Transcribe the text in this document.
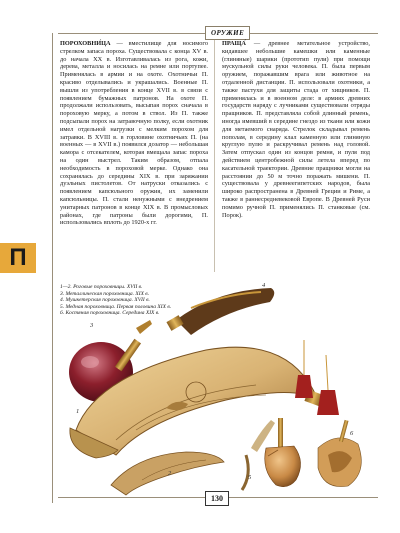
ОРУЖИЕ
П

ПОРОХОВНИ́ЦА — вместилище для носимого стрелком запаса пороха. Существовала с конца XV в. до начала XX в. Изготавливалась из рога, кожи, дерева, металла и носилась на ремне или портупее. Применялась в армии и на охоте. Охотничьи П. красиво отделывались и украшались. Военные П. вышли из употребления в конце XVII в. в связи с появлением бумажных патронов. На охоте П. продолжали использовать, высыпая порох сначала в пороховую мерку, а потом в ствол. Из П. также подсыпали порох на затравочную полку, если охотник имел отдельной нагрузки с мелким порохом для затравки. В XVIII в. в горловине охотничьих П. (на военных — в XVII в.) появился дозатор — небольшая камора с отсекателем, которая вмещала запас пороха на один выстрел. Таким образом, отпала необходимость в пороховой мерке. Однако она сохранялась до середины XIX в. при заряжании дуэльных пистолетов. От натруски отказались с появлением капсюльного оружия, их заменили капсюльницы. П. стали ненужными с внедрением унитарных патронов в конце XIX в. В промысловых районах, где патроны были дорогими, П. использовались вплоть до 1920-х гг.

ПРАЩА́ — древнее метательное устройство, кидавшее небольшие камешки или каменные (глиняные) шарики (прототип пули) при помощи мускульной силы руки человека. П. была первым оружием, поражавшим врага или животное на отдаленной дистанции. П. использовали охотники, а также пастухи для защиты стада от хищников. П. применялась и в военном деле: в армиях древних государств наряду с лучниками существовали отряды пращников. П. представляла собой длинный ремень, иногда имевший в середине гнездо из ткани или кожи для метаемого снаряда. Стрелок складывал ремень пополам, в середину клал каменную или глиняную круглую пулю и раскручивал ремень над головой. Затем отпускал один из концов ремня, и пуля под действием центробежной силы летела вперед по касательной траектории. Древние пращники могли на расстоянии до 50 м точно поражать мишени. П. существовала у древнеегипетских народов, была широко распространена в Древней Греции и Риме, а также в раннесредневековой Европе. В Древней Руси помимо ручной П. применялись П. станковые (см. Порок).

1—2. Роговые пороховницы. XVII в.
3. Металлическая пороховница. XIX в.
4. Мушкетерская пороховница. XVII в.
5. Медная пороховница. Первая половина XIX в.
6. Костяная пороховница. Середина XIX в.
1
2
3
4
5
6
130
